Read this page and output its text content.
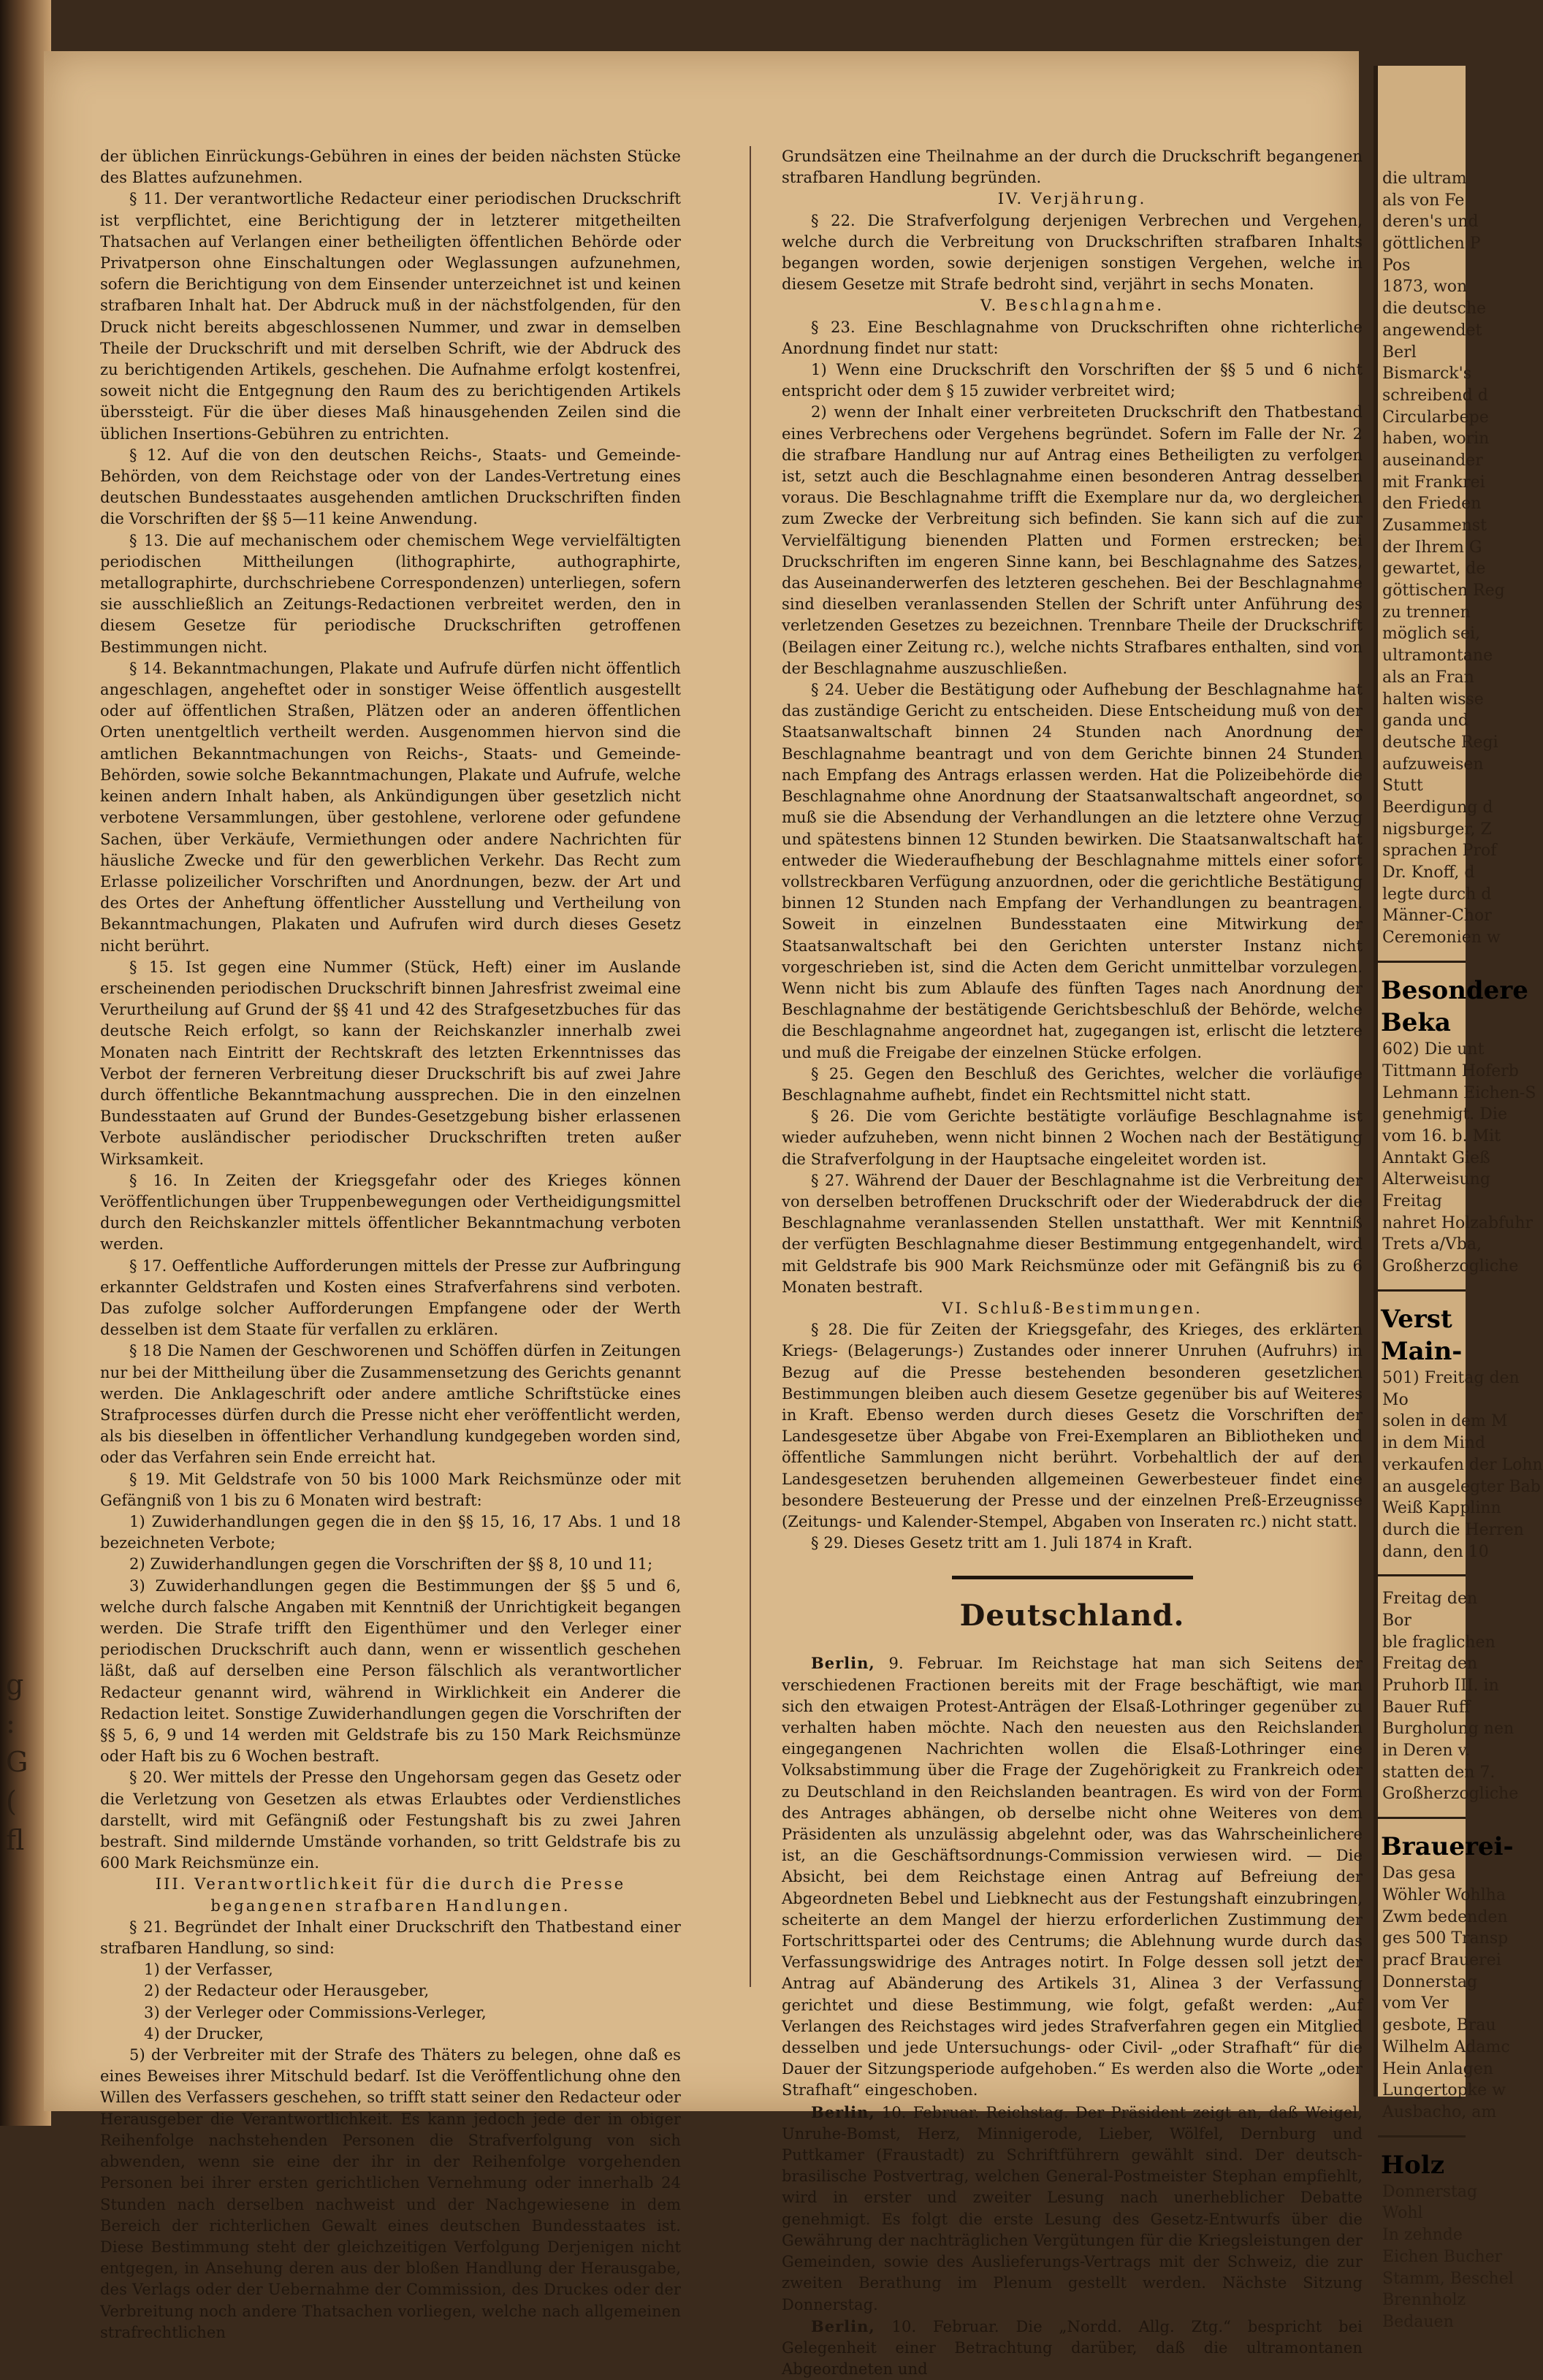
g
:
G
(
fl

der üblichen Einrückungs-Gebühren in eines der beiden nächsten Stücke des Blattes aufzunehmen.

§ 11. Der verantwortliche Redacteur einer periodischen Druckschrift ist verpflichtet, eine Berichtigung der in letzterer mitgetheilten Thatsachen auf Verlangen einer betheiligten öffentlichen Behörde oder Privatperson ohne Einschaltungen oder Weglassungen aufzunehmen, sofern die Berichtigung von dem Einsender unterzeichnet ist und keinen strafbaren Inhalt hat. Der Abdruck muß in der nächstfolgenden, für den Druck nicht bereits abgeschlossenen Nummer, und zwar in demselben Theile der Druckschrift und mit derselben Schrift, wie der Abdruck des zu berichtigenden Artikels, geschehen. Die Aufnahme erfolgt kostenfrei, soweit nicht die Entgegnung den Raum des zu berichtigenden Artikels überssteigt. Für die über dieses Maß hinausgehenden Zeilen sind die üblichen Insertions-Gebühren zu entrichten.

§ 12. Auf die von den deutschen Reichs-, Staats- und Gemeinde-Behörden, von dem Reichstage oder von der Landes-Vertretung eines deutschen Bundesstaates ausgehenden amtlichen Druckschriften finden die Vorschriften der §§ 5—11 keine Anwendung.

§ 13. Die auf mechanischem oder chemischem Wege vervielfältigten periodischen Mittheilungen (lithographirte, authographirte, metallographirte, durchschriebene Correspondenzen) unterliegen, sofern sie ausschließlich an Zeitungs-Redactionen verbreitet werden, den in diesem Gesetze für periodische Druckschriften getroffenen Bestimmungen nicht.

§ 14. Bekanntmachungen, Plakate und Aufrufe dürfen nicht öffentlich angeschlagen, angeheftet oder in sonstiger Weise öffentlich ausgestellt oder auf öffentlichen Straßen, Plätzen oder an anderen öffentlichen Orten unentgeltlich vertheilt werden. Ausgenommen hiervon sind die amtlichen Bekanntmachungen von Reichs-, Staats- und Gemeinde-Behörden, sowie solche Bekanntmachungen, Plakate und Aufrufe, welche keinen andern Inhalt haben, als Ankündigungen über gesetzlich nicht verbotene Versammlungen, über gestohlene, verlorene oder gefundene Sachen, über Verkäufe, Vermiethungen oder andere Nachrichten für häusliche Zwecke und für den gewerblichen Verkehr. Das Recht zum Erlasse polizeilicher Vorschriften und Anordnungen, bezw. der Art und des Ortes der Anheftung öffentlicher Ausstellung und Vertheilung von Bekanntmachungen, Plakaten und Aufrufen wird durch dieses Gesetz nicht berührt.

§ 15. Ist gegen eine Nummer (Stück, Heft) einer im Auslande erscheinenden periodischen Druckschrift binnen Jahresfrist zweimal eine Verurtheilung auf Grund der §§ 41 und 42 des Strafgesetzbuches für das deutsche Reich erfolgt, so kann der Reichskanzler innerhalb zwei Monaten nach Eintritt der Rechtskraft des letzten Erkenntnisses das Verbot der ferneren Verbreitung dieser Druckschrift bis auf zwei Jahre durch öffentliche Bekanntmachung aussprechen. Die in den einzelnen Bundesstaaten auf Grund der Bundes-Gesetzgebung bisher erlassenen Verbote ausländischer periodischer Druckschriften treten außer Wirksamkeit.

§ 16. In Zeiten der Kriegsgefahr oder des Krieges können Veröffentlichungen über Truppenbewegungen oder Vertheidigungsmittel durch den Reichskanzler mittels öffentlicher Bekanntmachung verboten werden.

§ 17. Oeffentliche Aufforderungen mittels der Presse zur Aufbringung erkannter Geldstrafen und Kosten eines Strafverfahrens sind verboten. Das zufolge solcher Aufforderungen Empfangene oder der Werth desselben ist dem Staate für verfallen zu erklären.

§ 18 Die Namen der Geschworenen und Schöffen dürfen in Zeitungen nur bei der Mittheilung über die Zusammensetzung des Gerichts genannt werden. Die Anklageschrift oder andere amtliche Schriftstücke eines Strafprocesses dürfen durch die Presse nicht eher veröffentlicht werden, als bis dieselben in öffentlicher Verhandlung kundgegeben worden sind, oder das Verfahren sein Ende erreicht hat.

§ 19. Mit Geldstrafe von 50 bis 1000 Mark Reichsmünze oder mit Gefängniß von 1 bis zu 6 Monaten wird bestraft:

1) Zuwiderhandlungen gegen die in den §§ 15, 16, 17 Abs. 1 und 18 bezeichneten Verbote;

2) Zuwiderhandlungen gegen die Vorschriften der §§ 8, 10 und 11;

3) Zuwiderhandlungen gegen die Bestimmungen der §§ 5 und 6, welche durch falsche Angaben mit Kenntniß der Unrichtigkeit begangen werden. Die Strafe trifft den Eigenthümer und den Verleger einer periodischen Druckschrift auch dann, wenn er wissentlich geschehen läßt, daß auf derselben eine Person fälschlich als verantwortlicher Redacteur genannt wird, während in Wirklichkeit ein Anderer die Redaction leitet. Sonstige Zuwiderhandlungen gegen die Vorschriften der §§ 5, 6, 9 und 14 werden mit Geldstrafe bis zu 150 Mark Reichsmünze oder Haft bis zu 6 Wochen bestraft.

§ 20. Wer mittels der Presse den Ungehorsam gegen das Gesetz oder die Verletzung von Gesetzen als etwas Erlaubtes oder Verdienstliches darstellt, wird mit Gefängniß oder Festungshaft bis zu zwei Jahren bestraft. Sind mildernde Umstände vorhanden, so tritt Geldstrafe bis zu 600 Mark Reichsmünze ein.

III. Verantwortlichkeit für die durch die Presse begangenen strafbaren Handlungen.

§ 21. Begründet der Inhalt einer Druckschrift den Thatbestand einer strafbaren Handlung, so sind:

1) der Verfasser,

2) der Redacteur oder Herausgeber,

3) der Verleger oder Commissions-Verleger,

4) der Drucker,

5) der Verbreiter mit der Strafe des Thäters zu belegen, ohne daß es eines Beweises ihrer Mitschuld bedarf. Ist die Veröffentlichung ohne den Willen des Verfassers geschehen, so trifft statt seiner den Redacteur oder Herausgeber die Verantwortlichkeit. Es kann jedoch jede der in obiger Reihenfolge nachstehenden Personen die Strafverfolgung von sich abwenden, wenn sie eine der ihr in der Reihenfolge vorgehenden Personen bei ihrer ersten gerichtlichen Vernehmung oder innerhalb 24 Stunden nach derselben nachweist und der Nachgewiesene in dem Bereich der richterlichen Gewalt eines deutschen Bundesstaates ist. Diese Bestimmung steht der gleichzeitigen Verfolgung Derjenigen nicht entgegen, in Ansehung deren aus der bloßen Handlung der Herausgabe, des Verlags oder der Uebernahme der Commission, des Druckes oder der Verbreitung noch andere Thatsachen vorliegen, welche nach allgemeinen strafrechtlichen

Grundsätzen eine Theilnahme an der durch die Druckschrift begangenen strafbaren Handlung begründen.

IV. Verjährung.

§ 22. Die Strafverfolgung derjenigen Verbrechen und Vergehen, welche durch die Verbreitung von Druckschriften strafbaren Inhalts begangen worden, sowie derjenigen sonstigen Vergehen, welche in diesem Gesetze mit Strafe bedroht sind, verjährt in sechs Monaten.

V. Beschlagnahme.

§ 23. Eine Beschlagnahme von Druckschriften ohne richterliche Anordnung findet nur statt:

1) Wenn eine Druckschrift den Vorschriften der §§ 5 und 6 nicht entspricht oder dem § 15 zuwider verbreitet wird;

2) wenn der Inhalt einer verbreiteten Druckschrift den Thatbestand eines Verbrechens oder Vergehens begründet. Sofern im Falle der Nr. 2 die strafbare Handlung nur auf Antrag eines Betheiligten zu verfolgen ist, setzt auch die Beschlagnahme einen besonderen Antrag desselben voraus. Die Beschlagnahme trifft die Exemplare nur da, wo dergleichen zum Zwecke der Verbreitung sich befinden. Sie kann sich auf die zur Vervielfältigung bienenden Platten und Formen erstrecken; bei Druckschriften im engeren Sinne kann, bei Beschlagnahme des Satzes, das Auseinanderwerfen des letzteren geschehen. Bei der Beschlagnahme sind dieselben veranlassenden Stellen der Schrift unter Anführung des verletzenden Gesetzes zu bezeichnen. Trennbare Theile der Druckschrift (Beilagen einer Zeitung rc.), welche nichts Strafbares enthalten, sind von der Beschlagnahme auszuschließen.

§ 24. Ueber die Bestätigung oder Aufhebung der Beschlagnahme hat das zuständige Gericht zu entscheiden. Diese Entscheidung muß von der Staatsanwaltschaft binnen 24 Stunden nach Anordnung der Beschlagnahme beantragt und von dem Gerichte binnen 24 Stunden nach Empfang des Antrags erlassen werden. Hat die Polizeibehörde die Beschlagnahme ohne Anordnung der Staatsanwaltschaft angeordnet, so muß sie die Absendung der Verhandlungen an die letztere ohne Verzug und spätestens binnen 12 Stunden bewirken. Die Staatsanwaltschaft hat entweder die Wiederaufhebung der Beschlagnahme mittels einer sofort vollstreckbaren Verfügung anzuordnen, oder die gerichtliche Bestätigung binnen 12 Stunden nach Empfang der Verhandlungen zu beantragen. Soweit in einzelnen Bundesstaaten eine Mitwirkung der Staatsanwaltschaft bei den Gerichten unterster Instanz nicht vorgeschrieben ist, sind die Acten dem Gericht unmittelbar vorzulegen. Wenn nicht bis zum Ablaufe des fünften Tages nach Anordnung der Beschlagnahme der bestätigende Gerichtsbeschluß der Behörde, welche die Beschlagnahme angeordnet hat, zugegangen ist, erlischt die letztere und muß die Freigabe der einzelnen Stücke erfolgen.

§ 25. Gegen den Beschluß des Gerichtes, welcher die vorläufige Beschlagnahme aufhebt, findet ein Rechtsmittel nicht statt.

§ 26. Die vom Gerichte bestätigte vorläufige Beschlagnahme ist wieder aufzuheben, wenn nicht binnen 2 Wochen nach der Bestätigung die Strafverfolgung in der Hauptsache eingeleitet worden ist.

§ 27. Während der Dauer der Beschlagnahme ist die Verbreitung der von derselben betroffenen Druckschrift oder der Wiederabdruck der die Beschlagnahme veranlassenden Stellen unstatthaft. Wer mit Kenntniß der verfügten Beschlagnahme dieser Bestimmung entgegenhandelt, wird mit Geldstrafe bis 900 Mark Reichsmünze oder mit Gefängniß bis zu 6 Monaten bestraft.

VI. Schluß-Bestimmungen.

§ 28. Die für Zeiten der Kriegsgefahr, des Krieges, des erklärten Kriegs- (Belagerungs-) Zustandes oder innerer Unruhen (Aufruhrs) in Bezug auf die Presse bestehenden besonderen gesetzlichen Bestimmungen bleiben auch diesem Gesetze gegenüber bis auf Weiteres in Kraft. Ebenso werden durch dieses Gesetz die Vorschriften der Landesgesetze über Abgabe von Frei-Exemplaren an Bibliotheken und öffentliche Sammlungen nicht berührt. Vorbehaltlich der auf den Landesgesetzen beruhenden allgemeinen Gewerbesteuer findet eine besondere Besteuerung der Presse und der einzelnen Preß-Erzeugnisse (Zeitungs- und Kalender-Stempel, Abgaben von Inseraten rc.) nicht statt.

§ 29. Dieses Gesetz tritt am 1. Juli 1874 in Kraft.

Deutschland.

Berlin, 9. Februar. Im Reichstage hat man sich Seitens der verschiedenen Fractionen bereits mit der Frage beschäftigt, wie man sich den etwaigen Protest-Anträgen der Elsaß-Lothringer gegenüber zu verhalten haben möchte. Nach den neuesten aus den Reichslanden eingegangenen Nachrichten wollen die Elsaß-Lothringer eine Volksabstimmung über die Frage der Zugehörigkeit zu Frankreich oder zu Deutschland in den Reichslanden beantragen. Es wird von der Form des Antrages abhängen, ob derselbe nicht ohne Weiteres von dem Präsidenten als unzulässig abgelehnt oder, was das Wahrscheinlichere ist, an die Geschäftsordnungs-Commission verwiesen wird. — Die Absicht, bei dem Reichstage einen Antrag auf Befreiung der Abgeordneten Bebel und Liebknecht aus der Festungshaft einzubringen, scheiterte an dem Mangel der hierzu erforderlichen Zustimmung der Fortschrittspartei oder des Centrums; die Ablehnung wurde durch das Verfassungswidrige des Antrages notirt. In Folge dessen soll jetzt der Antrag auf Abänderung des Artikels 31, Alinea 3 der Verfassung gerichtet und diese Bestimmung, wie folgt, gefaßt werden: „Auf Verlangen des Reichstages wird jedes Strafverfahren gegen ein Mitglied desselben und jede Untersuchungs- oder Civil- „oder Strafhaft“ für die Dauer der Sitzungsperiode aufgehoben.“ Es werden also die Worte „oder Strafhaft“ eingeschoben.

Berlin, 10. Februar. Reichstag. Der Präsident zeigt an, daß Weigel, Unruhe-Bomst, Herz, Minnigerode, Lieber, Wölfel, Dernburg und Puttkamer (Fraustadt) zu Schriftführern gewählt sind. Der deutsch-brasilische Postvertrag, welchen General-Postmeister Stephan empfiehlt, wird in erster und zweiter Lesung nach unerheblicher Debatte genehmigt. Es folgt die erste Lesung des Gesetz-Entwurfs über die Gewährung der nachträglichen Vergütungen für die Kriegsleistungen der Gemeinden, sowie des Auslieferungs-Vertrags mit der Schweiz, die zur zweiten Berathung im Plenum gestellt werden. Nächste Sitzung Donnerstag.

Berlin, 10. Februar. Die „Nordd. Allg. Ztg.“ bespricht bei Gelegenheit einer Betrachtung darüber, daß die ultramontanen Abgeordneten und

die ultram
als von Fe
deren's und
göttlichen P
Pos
1873, won
die deutsche
angewendet
Berl
Bismarck's
schreibend d
Circularbepe
haben, worin
auseinander
mit Frankrei
den Frieden
Zusammenst
der Ihrem G
gewartet, de
göttischen Reg
zu trennen
möglich sei,
ultramontane
als an Fran
halten wisse
ganda und
deutsche Regi
aufzuweisen
Stutt
Beerdigung d
nigsburger, Z
sprachen Prof
Dr. Knoff, d
legte durch d
Männer-Chor
Ceremonien w
Besondere
Beka
602) Die unt
Tittmann Hoferb
Lehmann Eichen-S
genehmigt. Die
vom 16. b. Mit
Anntakt Gieß
Alterweisung
Freitag
nahret Holzabfuhr
Trets a/Vba,
Großherzogliche
Verst
Main-
501) Freitag den
Mo
solen in dem M
in dem Mind
verkaufen der Lohn
an ausgelegter Bab
Weiß Kapplinn
durch die Herren
dann, den 10
Freitag den
Bor
ble fraglichen
Freitag den
Pruhorb III. in
Bauer Ruff
Burgholung nen
in Deren v.
statten den 7.
Großherzogliche
Brauerei-
Das gesa
Wöhler Wohlha
Zwm bedenden
ges 500 Transp
pracf Brauerei
Donnerstag
vom Ver
gesbote, Brau
Wilhelm Adamc
Hein Anlagen
Lungertopke w
Ausbacho, am
Holz
Donnerstag
Wohl
In zehnde
Eichen Bucher
Stamm, Beschel
Brennholz
Bedauen
